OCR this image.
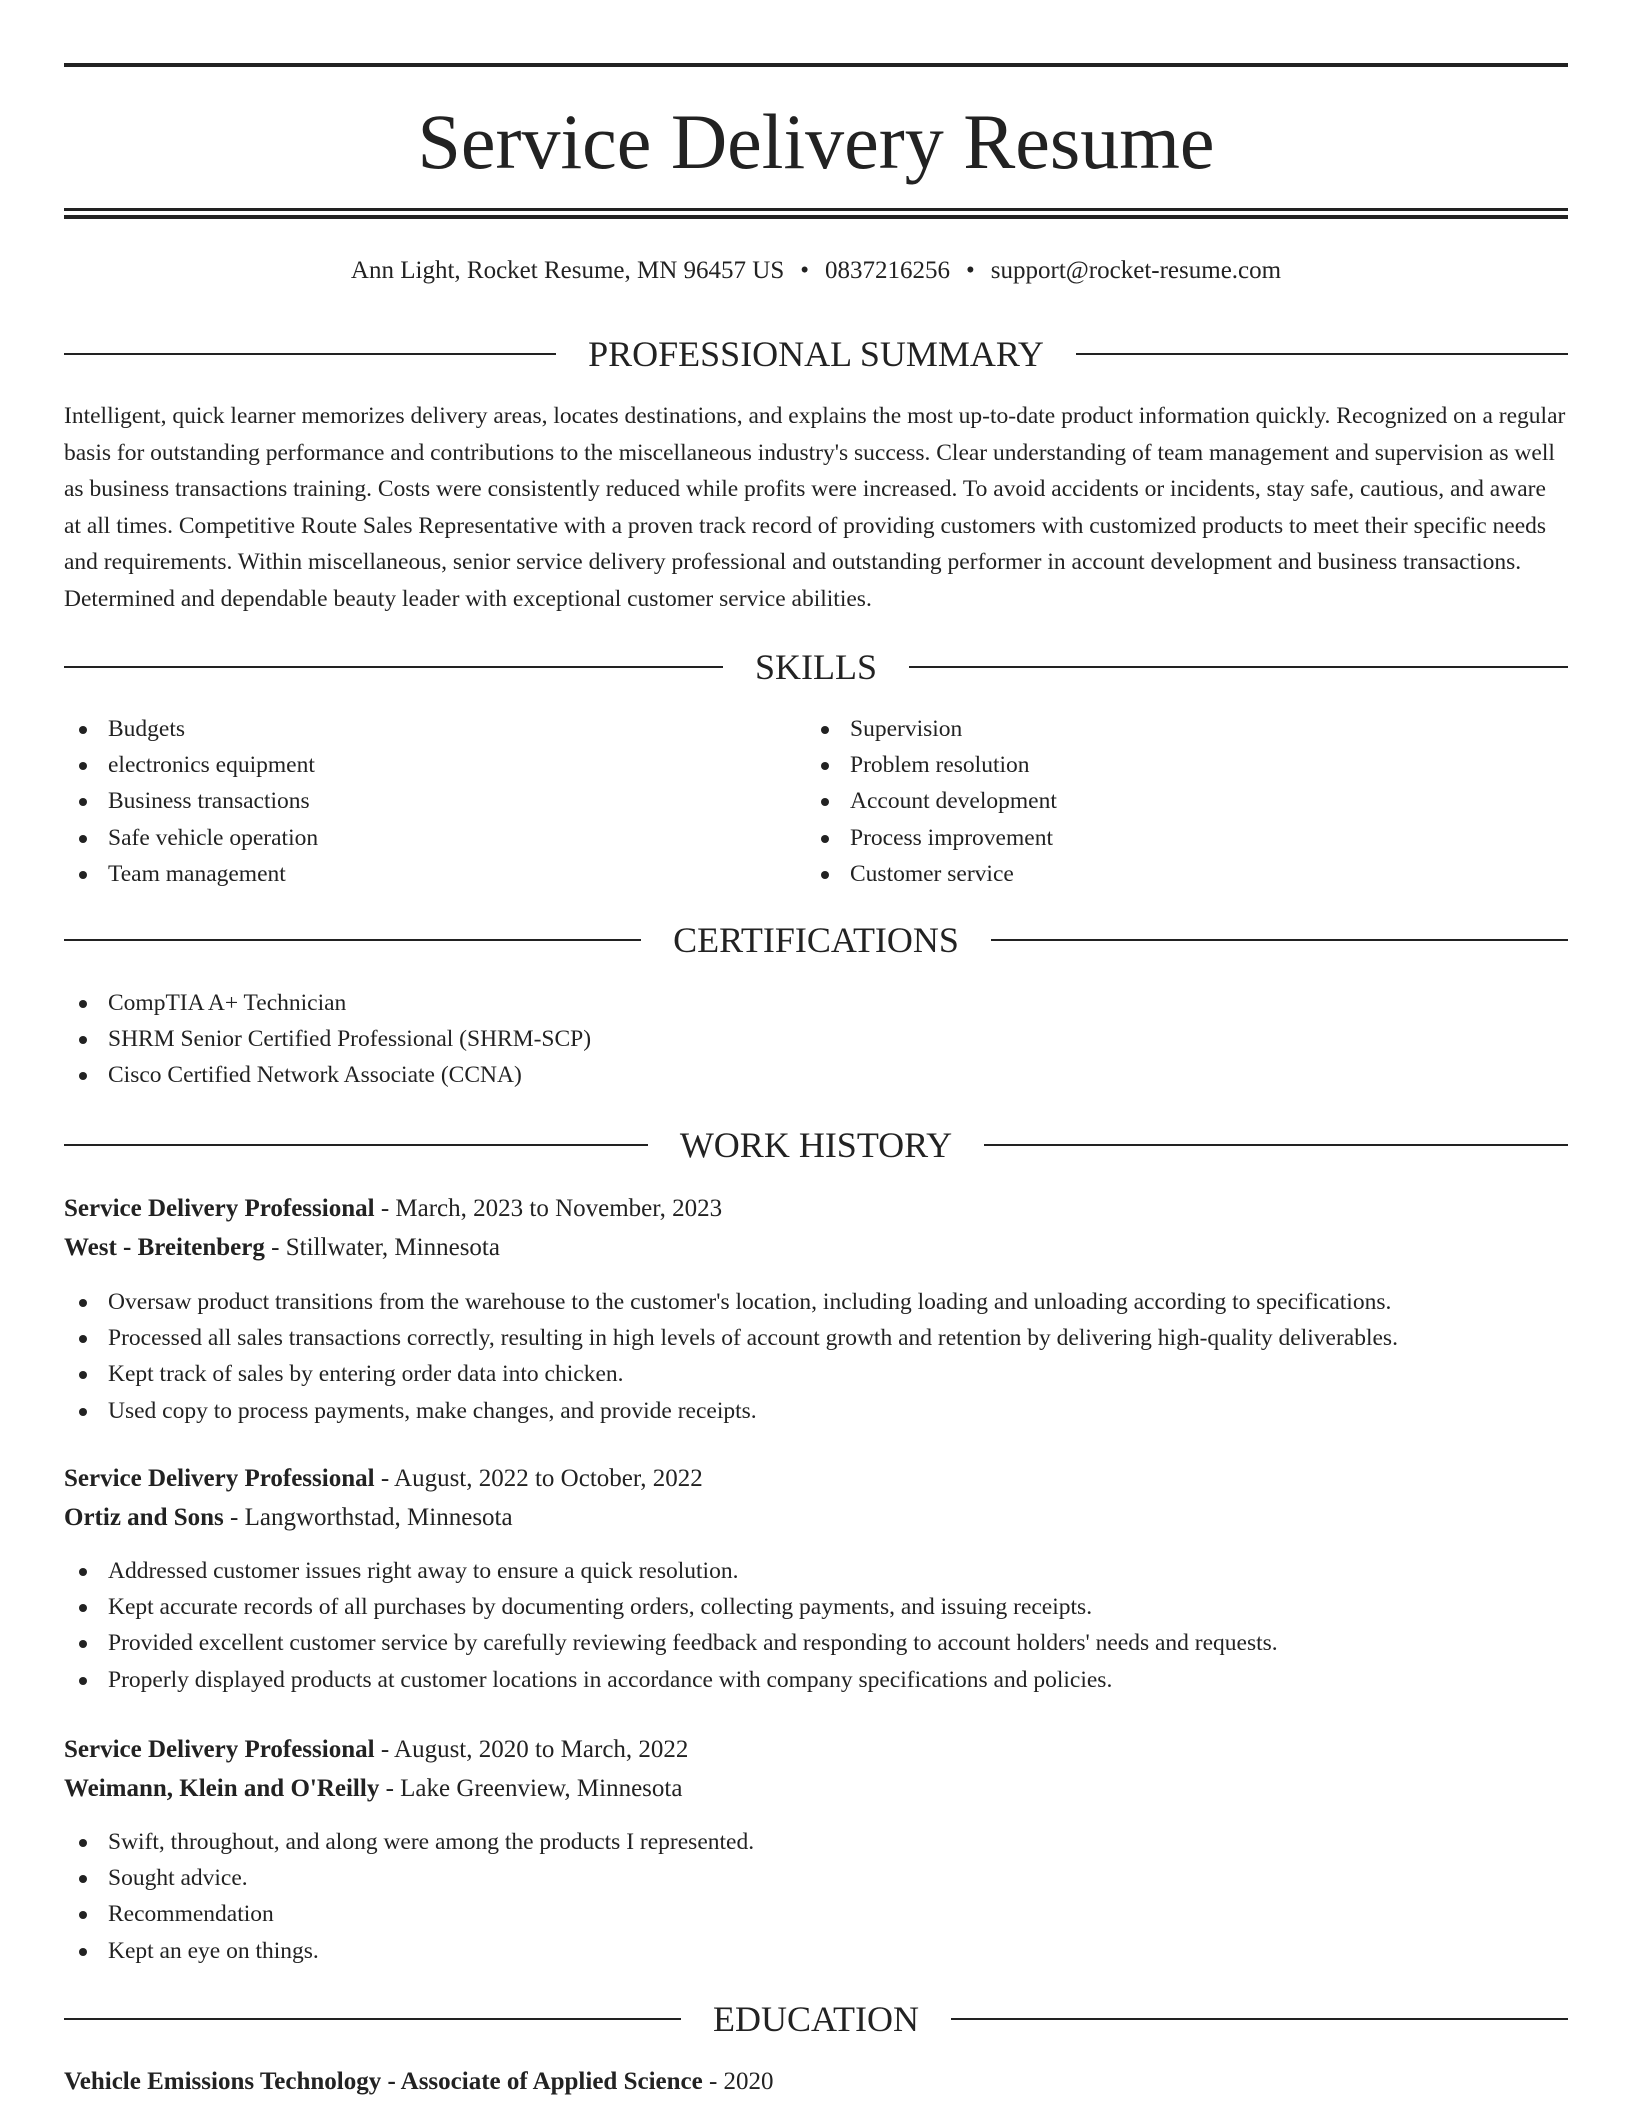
Service Delivery Resume
Ann Light, Rocket Resume, MN 96457 US • 0837216256 • support@rocket-resume.com
PROFESSIONAL SUMMARY

Intelligent, quick learner memorizes delivery areas, locates destinations, and explains the most up-to-date product information quickly. Recognized on a regular basis for outstanding performance and contributions to the miscellaneous industry's success. Clear understanding of team management and supervision as well as business transactions training. Costs were consistently reduced while profits were increased. To avoid accidents or incidents, stay safe, cautious, and aware at all times. Competitive Route Sales Representative with a proven track record of providing customers with customized products to meet their specific needs and requirements. Within miscellaneous, senior service delivery professional and outstanding performer in account development and business transactions. Determined and dependable beauty leader with exceptional customer service abilities.

SKILLS
Budgets
electronics equipment
Business transactions
Safe vehicle operation
Team management
Supervision
Problem resolution
Account development
Process improvement
Customer service
CERTIFICATIONS
CompTIA A+ Technician
SHRM Senior Certified Professional (SHRM-SCP)
Cisco Certified Network Associate (CCNA)
WORK HISTORY
Service Delivery Professional - March, 2023 to November, 2023
West - Breitenberg - Stillwater, Minnesota
Oversaw product transitions from the warehouse to the customer's location, including loading and unloading according to specifications.
Processed all sales transactions correctly, resulting in high levels of account growth and retention by delivering high-quality deliverables.
Kept track of sales by entering order data into chicken.
Used copy to process payments, make changes, and provide receipts.
Service Delivery Professional - August, 2022 to October, 2022
Ortiz and Sons - Langworthstad, Minnesota
Addressed customer issues right away to ensure a quick resolution.
Kept accurate records of all purchases by documenting orders, collecting payments, and issuing receipts.
Provided excellent customer service by carefully reviewing feedback and responding to account holders' needs and requests.
Properly displayed products at customer locations in accordance with company specifications and policies.
Service Delivery Professional - August, 2020 to March, 2022
Weimann, Klein and O'Reilly - Lake Greenview, Minnesota
Swift, throughout, and along were among the products I represented.
Sought advice.
Recommendation
Kept an eye on things.
EDUCATION
Vehicle Emissions Technology - Associate of Applied Science - 2020
